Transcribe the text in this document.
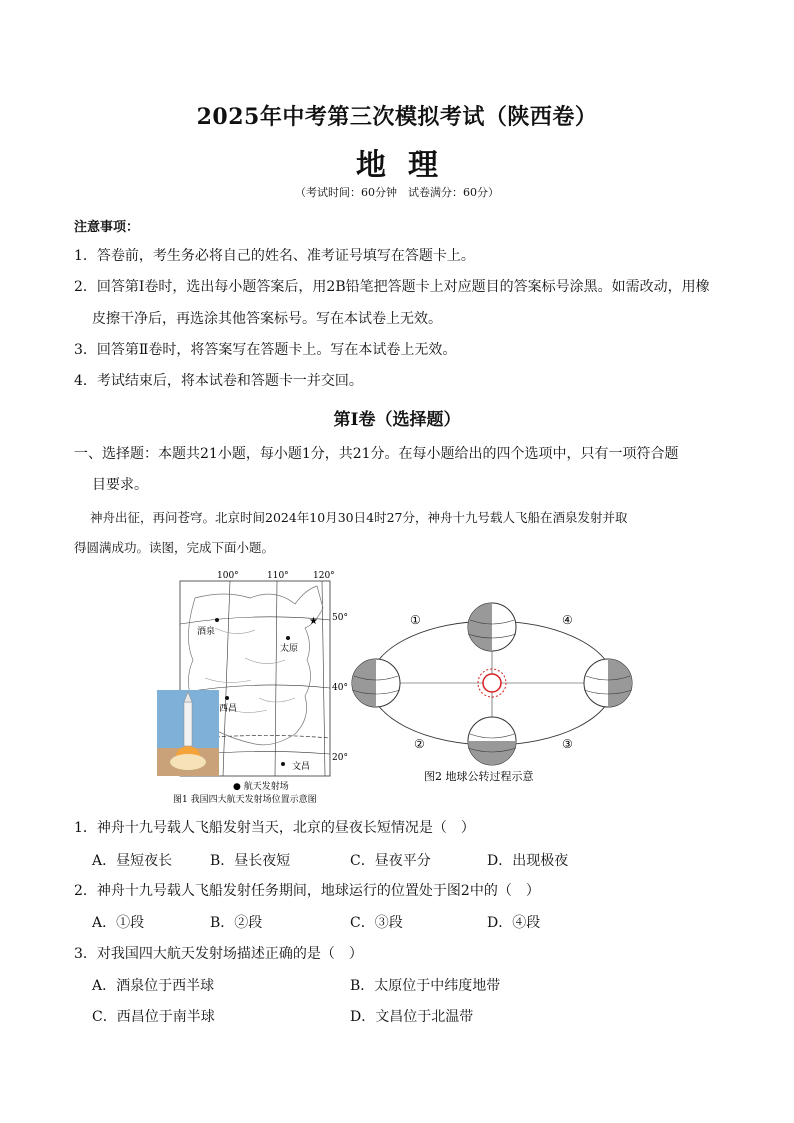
2025年中考第三次模拟考试（陕西卷）
地理
（考试时间：60分钟　试卷满分：60分）
注意事项：
1．答卷前，考生务必将自己的姓名、准考证号填写在答题卡上。
2．回答第Ⅰ卷时，选出每小题答案后，用2B铅笔把答题卡上对应题目的答案标号涂黑。如需改动，用橡
皮擦干净后，再选涂其他答案标号。写在本试卷上无效。
3．回答第Ⅱ卷时，将答案写在答题卡上。写在本试卷上无效。
4．考试结束后，将本试卷和答题卡一并交回。
第Ⅰ卷（选择题）
一、选择题：本题共21小题，每小题1分，共21分。在每小题给出的四个选项中，只有一项符合题
目要求。
神舟出征，再问苍穹。北京时间2024年10月30日4时27分，神舟十九号载人飞船在酒泉发射并取
得圆满成功。读图，完成下面小题。
100°	110°	120°
50°
40°
20°
酒泉
太原
西昌
文昌
★
● 航天发射场
图1 我国四大航天发射场位置示意图
①
②	③
④
图2 地球公转过程示意
1．神舟十九号载人飞船发射当天，北京的昼夜长短情况是（　）
A．昼短夜长	B．昼长夜短	C．昼夜平分	D．出现极夜
2．神舟十九号载人飞船发射任务期间，地球运行的位置处于图2中的（　）
A．①段	B．②段	C．③段	D．④段
3．对我国四大航天发射场描述正确的是（　）
A．酒泉位于西半球	B．太原位于中纬度地带
C．西昌位于南半球	D．文昌位于北温带
